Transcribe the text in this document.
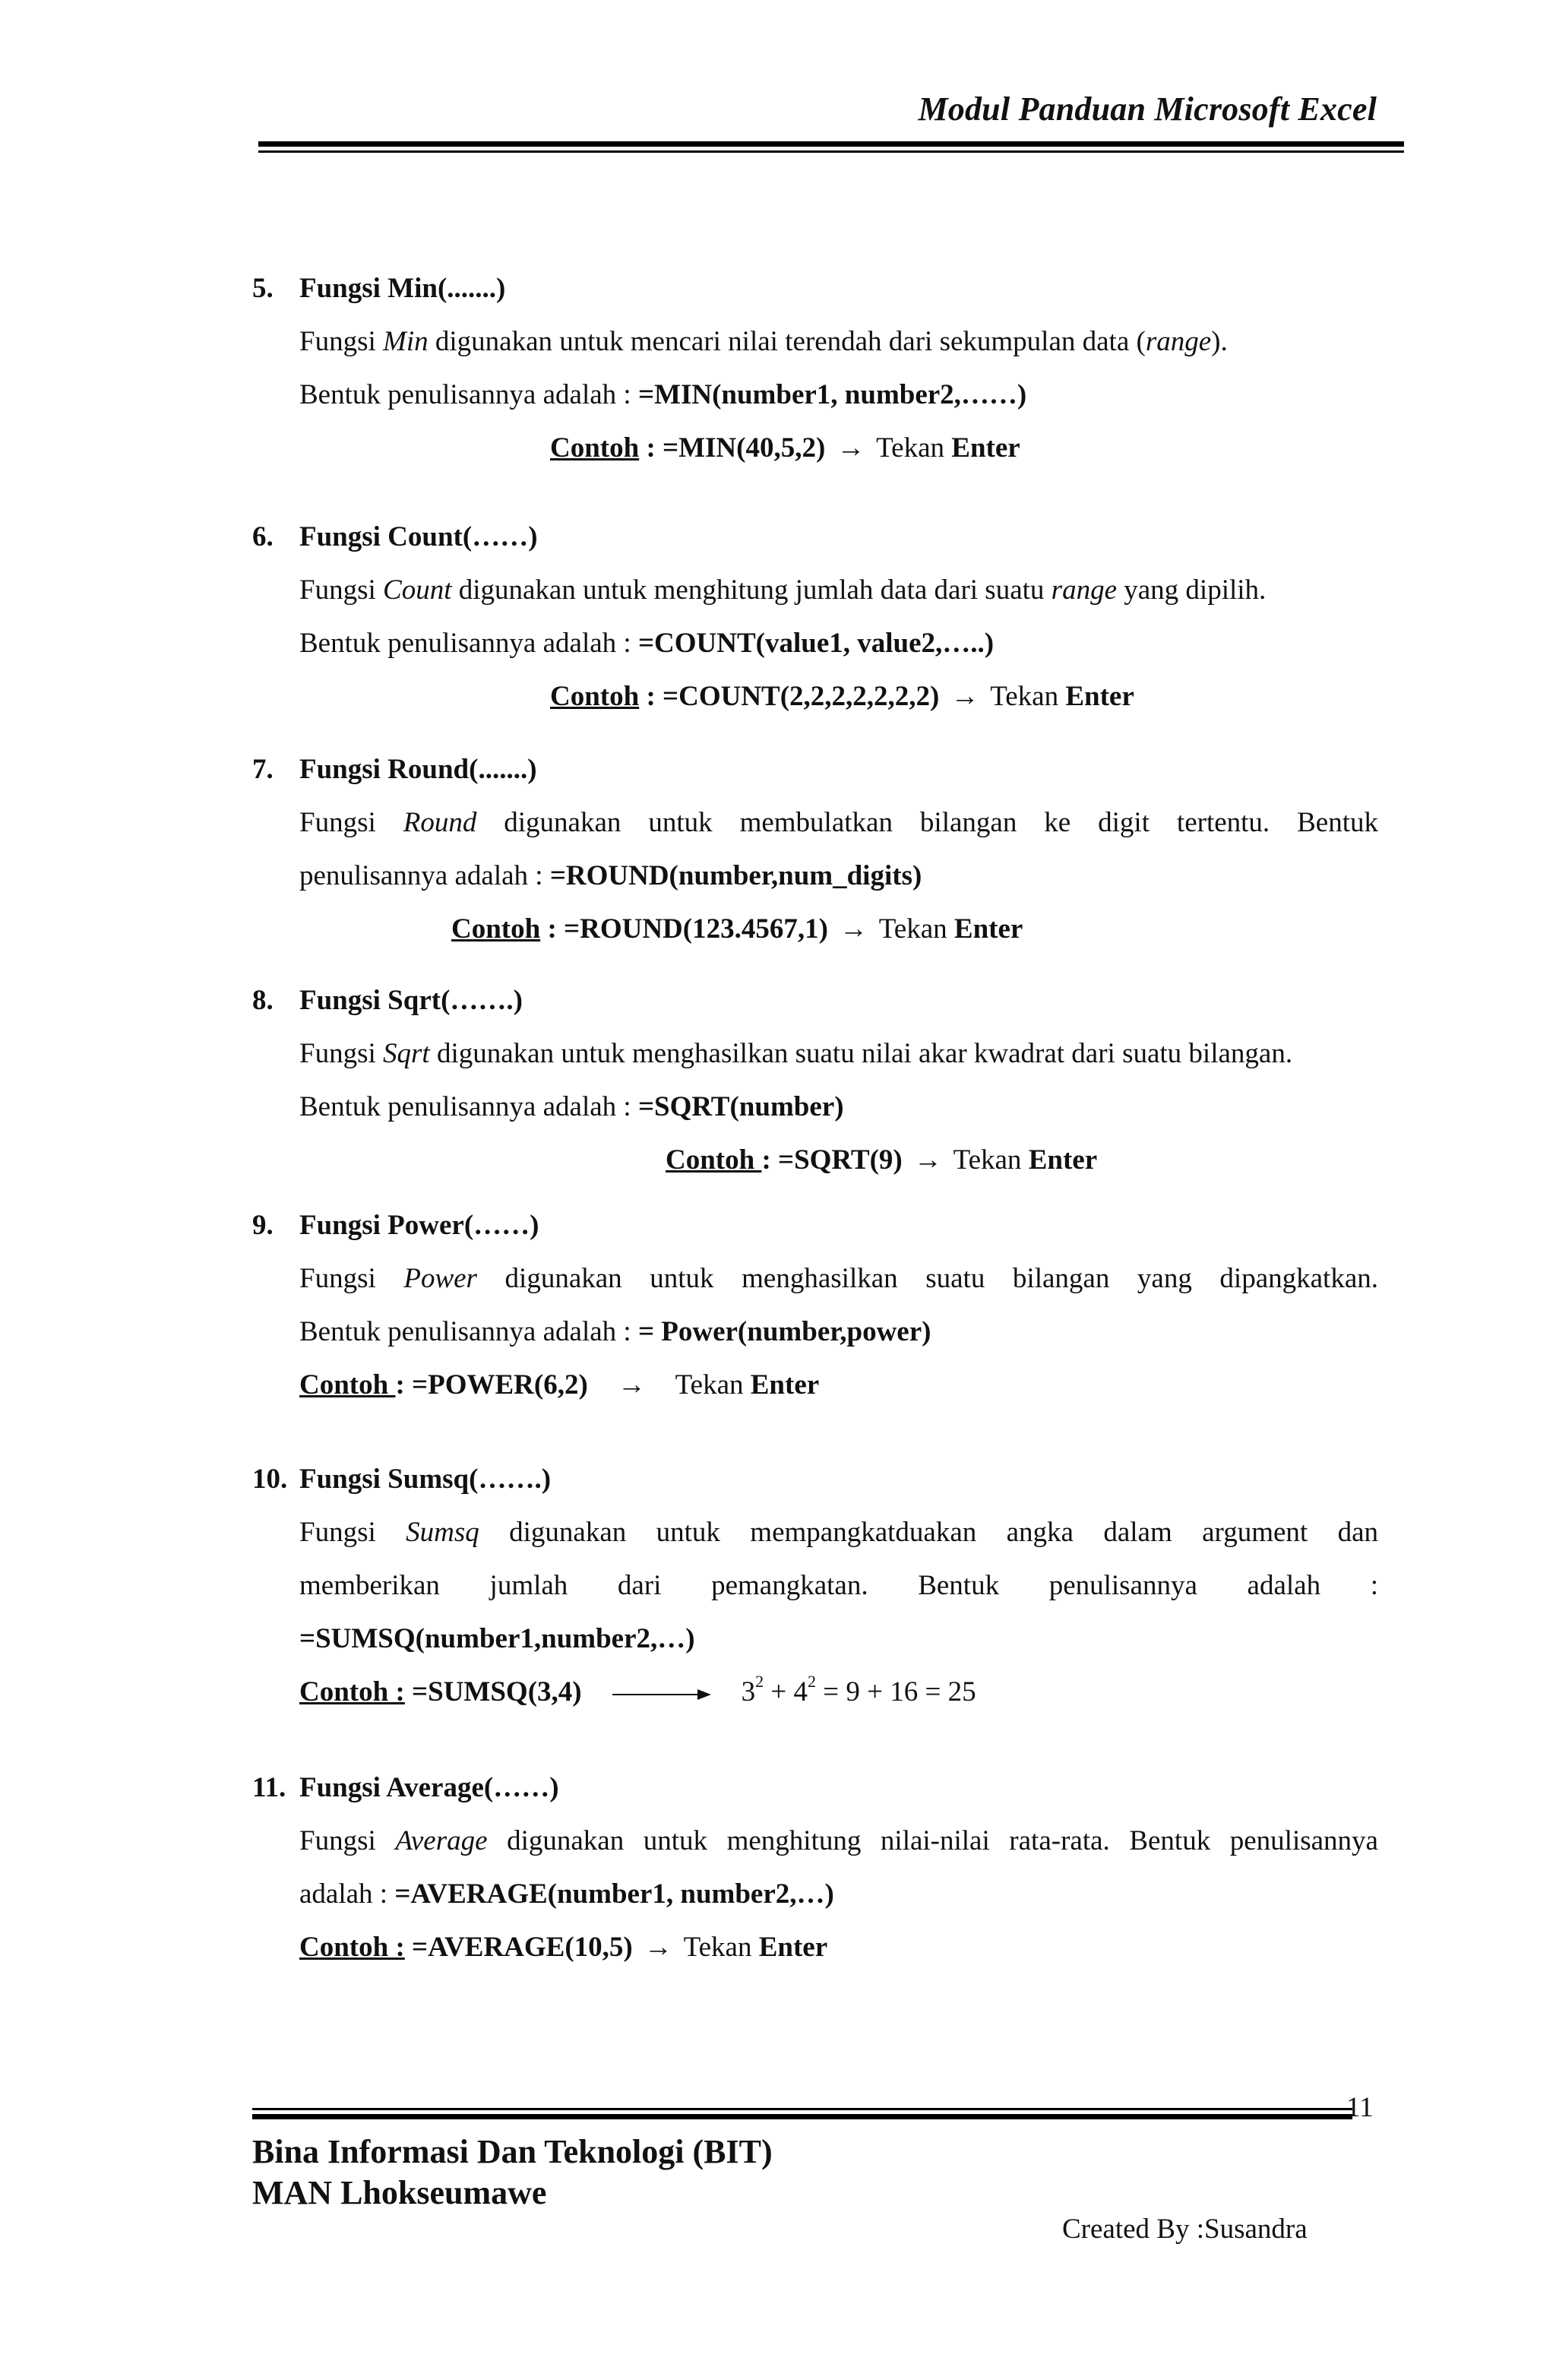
Modul Panduan Microsoft Excel
5. Fungsi Min(.......)
Fungsi Min digunakan untuk mencari nilai terendah dari sekumpulan data (range).
Bentuk penulisannya adalah : =MIN(number1, number2,……)
Contoh : =MIN(40,5,2) → Tekan Enter
6. Fungsi Count(……)
Fungsi Count digunakan untuk menghitung jumlah data dari suatu range yang dipilih.
Bentuk penulisannya adalah : =COUNT(value1, value2,…..)
Contoh : =COUNT(2,2,2,2,2,2,2) → Tekan Enter
7. Fungsi Round(.......)
Fungsi Round digunakan untuk membulatkan bilangan ke digit tertentu. Bentuk
penulisannya adalah : =ROUND(number,num_digits)
Contoh : =ROUND(123.4567,1) → Tekan Enter
8. Fungsi Sqrt(…….)
Fungsi Sqrt digunakan untuk menghasilkan suatu nilai akar kwadrat dari suatu bilangan.
Bentuk penulisannya adalah : =SQRT(number)
Contoh : =SQRT(9) → Tekan Enter
9. Fungsi Power(……)
Fungsi Power digunakan untuk menghasilkan suatu bilangan yang dipangkatkan.
Bentuk penulisannya adalah : = Power(number,power)
Contoh : =POWER(6,2) → Tekan Enter
10. Fungsi Sumsq(…….)
Fungsi Sumsq digunakan untuk mempangkatduakan angka dalam argument dan
memberikan jumlah dari pemangkatan. Bentuk penulisannya adalah :
=SUMSQ(number1,number2,…)
Contoh : =SUMSQ(3,4)	$3^2 + 4^2 = 9 + 16 = 25$
11. Fungsi Average(……)
Fungsi Average digunakan untuk menghitung nilai-nilai rata-rata. Bentuk penulisannya
adalah : =AVERAGE(number1, number2,…)
Contoh : =AVERAGE(10,5) → Tekan Enter
11
Bina Informasi Dan Teknologi (BIT)
MAN Lhokseumawe
Created By :Susandra
